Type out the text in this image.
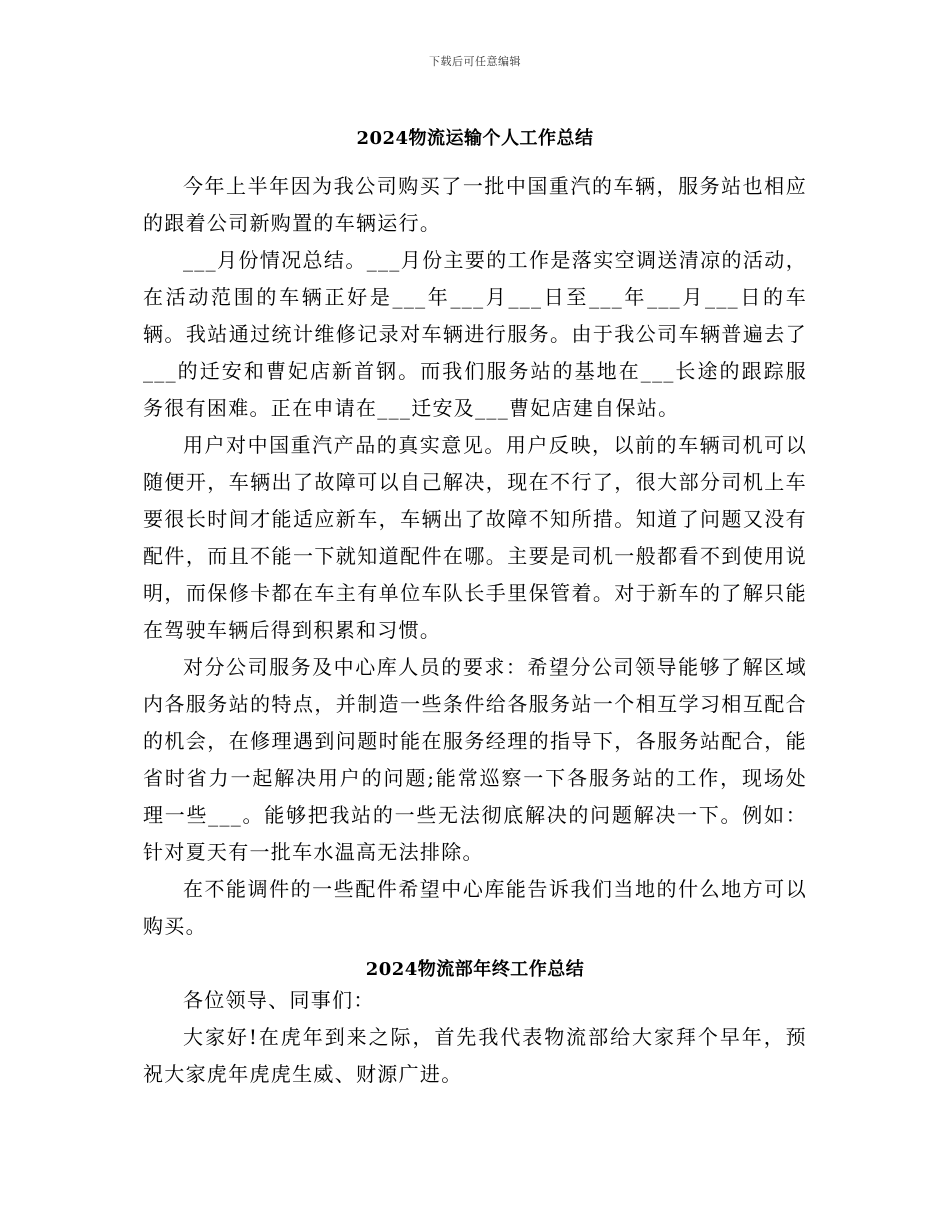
下载后可任意编辑
2024物流运输个人工作总结

今年上半年因为我公司购买了一批中国重汽的车辆，服务站也相应的跟着公司新购置的车辆运行。

___月份情况总结。___月份主要的工作是落实空调送清凉的活动，在活动范围的车辆正好是___年___月___日至___年___月___日的车辆。我站通过统计维修记录对车辆进行服务。由于我公司车辆普遍去了___的迁安和曹妃店新首钢。而我们服务站的基地在___长途的跟踪服务很有困难。正在申请在___迁安及___曹妃店建自保站。

用户对中国重汽产品的真实意见。用户反映，以前的车辆司机可以随便开，车辆出了故障可以自己解决，现在不行了，很大部分司机上车要很长时间才能适应新车，车辆出了故障不知所措。知道了问题又没有配件，而且不能一下就知道配件在哪。主要是司机一般都看不到使用说明，而保修卡都在车主有单位车队长手里保管着。对于新车的了解只能在驾驶车辆后得到积累和习惯。

对分公司服务及中心库人员的要求：希望分公司领导能够了解区域内各服务站的特点，并制造一些条件给各服务站一个相互学习相互配合的机会，在修理遇到问题时能在服务经理的指导下，各服务站配合，能省时省力一起解决用户的问题;能常巡察一下各服务站的工作，现场处理一些___。能够把我站的一些无法彻底解决的问题解决一下。例如：针对夏天有一批车水温高无法排除。

在不能调件的一些配件希望中心库能告诉我们当地的什么地方可以购买。

2024物流部年终工作总结

各位领导、同事们：

大家好!在虎年到来之际，首先我代表物流部给大家拜个早年，预祝大家虎年虎虎生威、财源广进。
